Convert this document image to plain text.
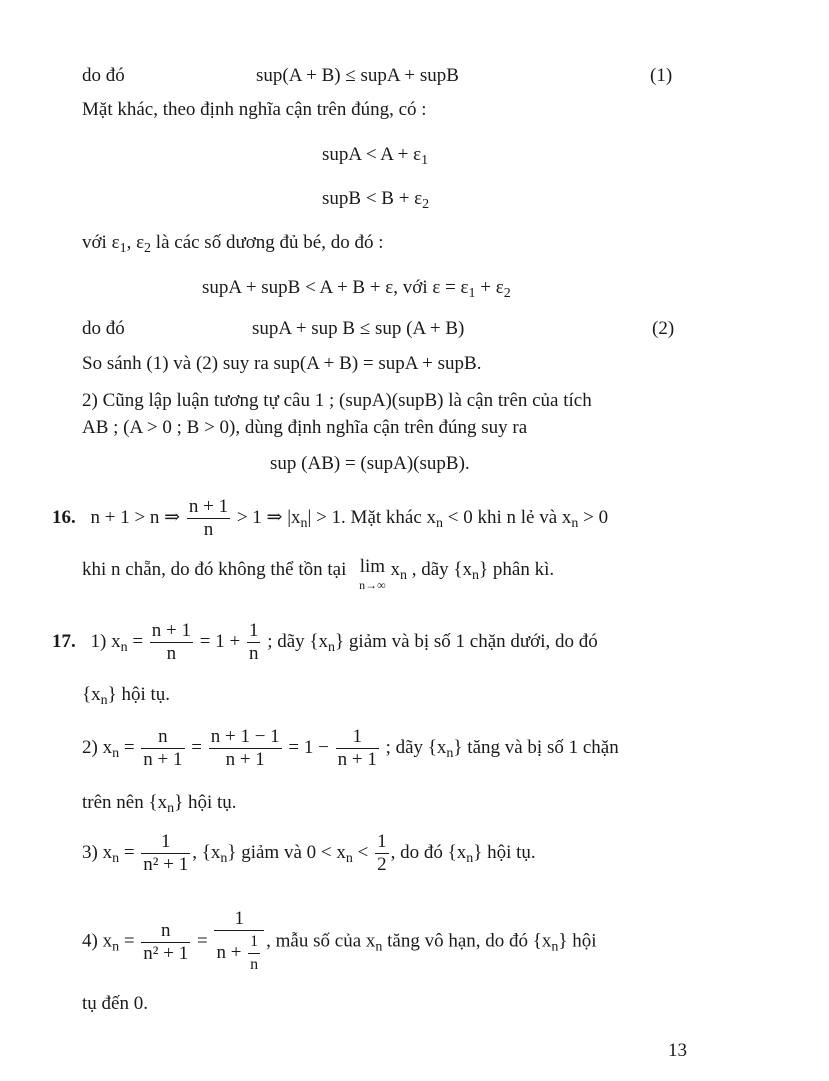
do đó	sup(A + B) ≤ supA + supB	(1)
Mặt khác, theo định nghĩa cận trên đúng, có :
supA < $A + \varepsilon_1$
supB < $B + \varepsilon_2$
với $\varepsilon_1$, $\varepsilon_2$ là các số dương đủ bé, do đó :
supA + supB < A + B + ε, với $\varepsilon = \varepsilon_1 + \varepsilon_2$
do đó	supA + sup B ≤ sup (A + B)	(2)
So sánh (1) và (2) suy ra sup(A + B) = supA + supB.
2) Cũng lập luận tương tự câu 1 ; (supA)(supB) là cận trên của tích
AB ; (A > 0 ; B > 0), dùng định nghĩa cận trên đúng suy ra
sup (AB) = (supA)(supB).
16. n + 1 > n ⇒ $\frac{n + 1}{n} > 1$ ⇒ $|x_n| > 1$. Mặt khác $x_n < 0$ khi n lẻ và $x_n > 0$
khi n chẵn, do đó không thể tồn tại lim
n→∞
$x_n$ , dãy $\{x_n\}$ phân kì.
17. 1) $x_n = \frac{n + 1}{n} = 1 + \frac{1}{n}$ ; dãy $\{x_n\}$ giảm và bị số 1 chặn dưới, do đó
$\{x_n\}$ hội tụ.
2) $x_n = \frac{n}{n + 1} = \frac{n + 1 - 1}{n + 1} = 1 - \frac{1}{n + 1}$ ; dãy $\{x_n\}$ tăng và bị số 1 chặn
trên nên $\{x_n\}$ hội tụ.
3) $x_n = \frac{1}{\text{n² + 1}}$ , $\{x_n\}$ giảm và $0 < x_n < \frac{1}{2}$ , do đó $\{x_n\}$ hội tụ.
4) $x_n = \frac{n}{\text{n² + 1}} = \frac{1}{n + \frac{1}{n}}$ , mẫu số của $x_n$ tăng vô hạn, do đó $\{x_n\}$ hội
tụ đến 0.
13
